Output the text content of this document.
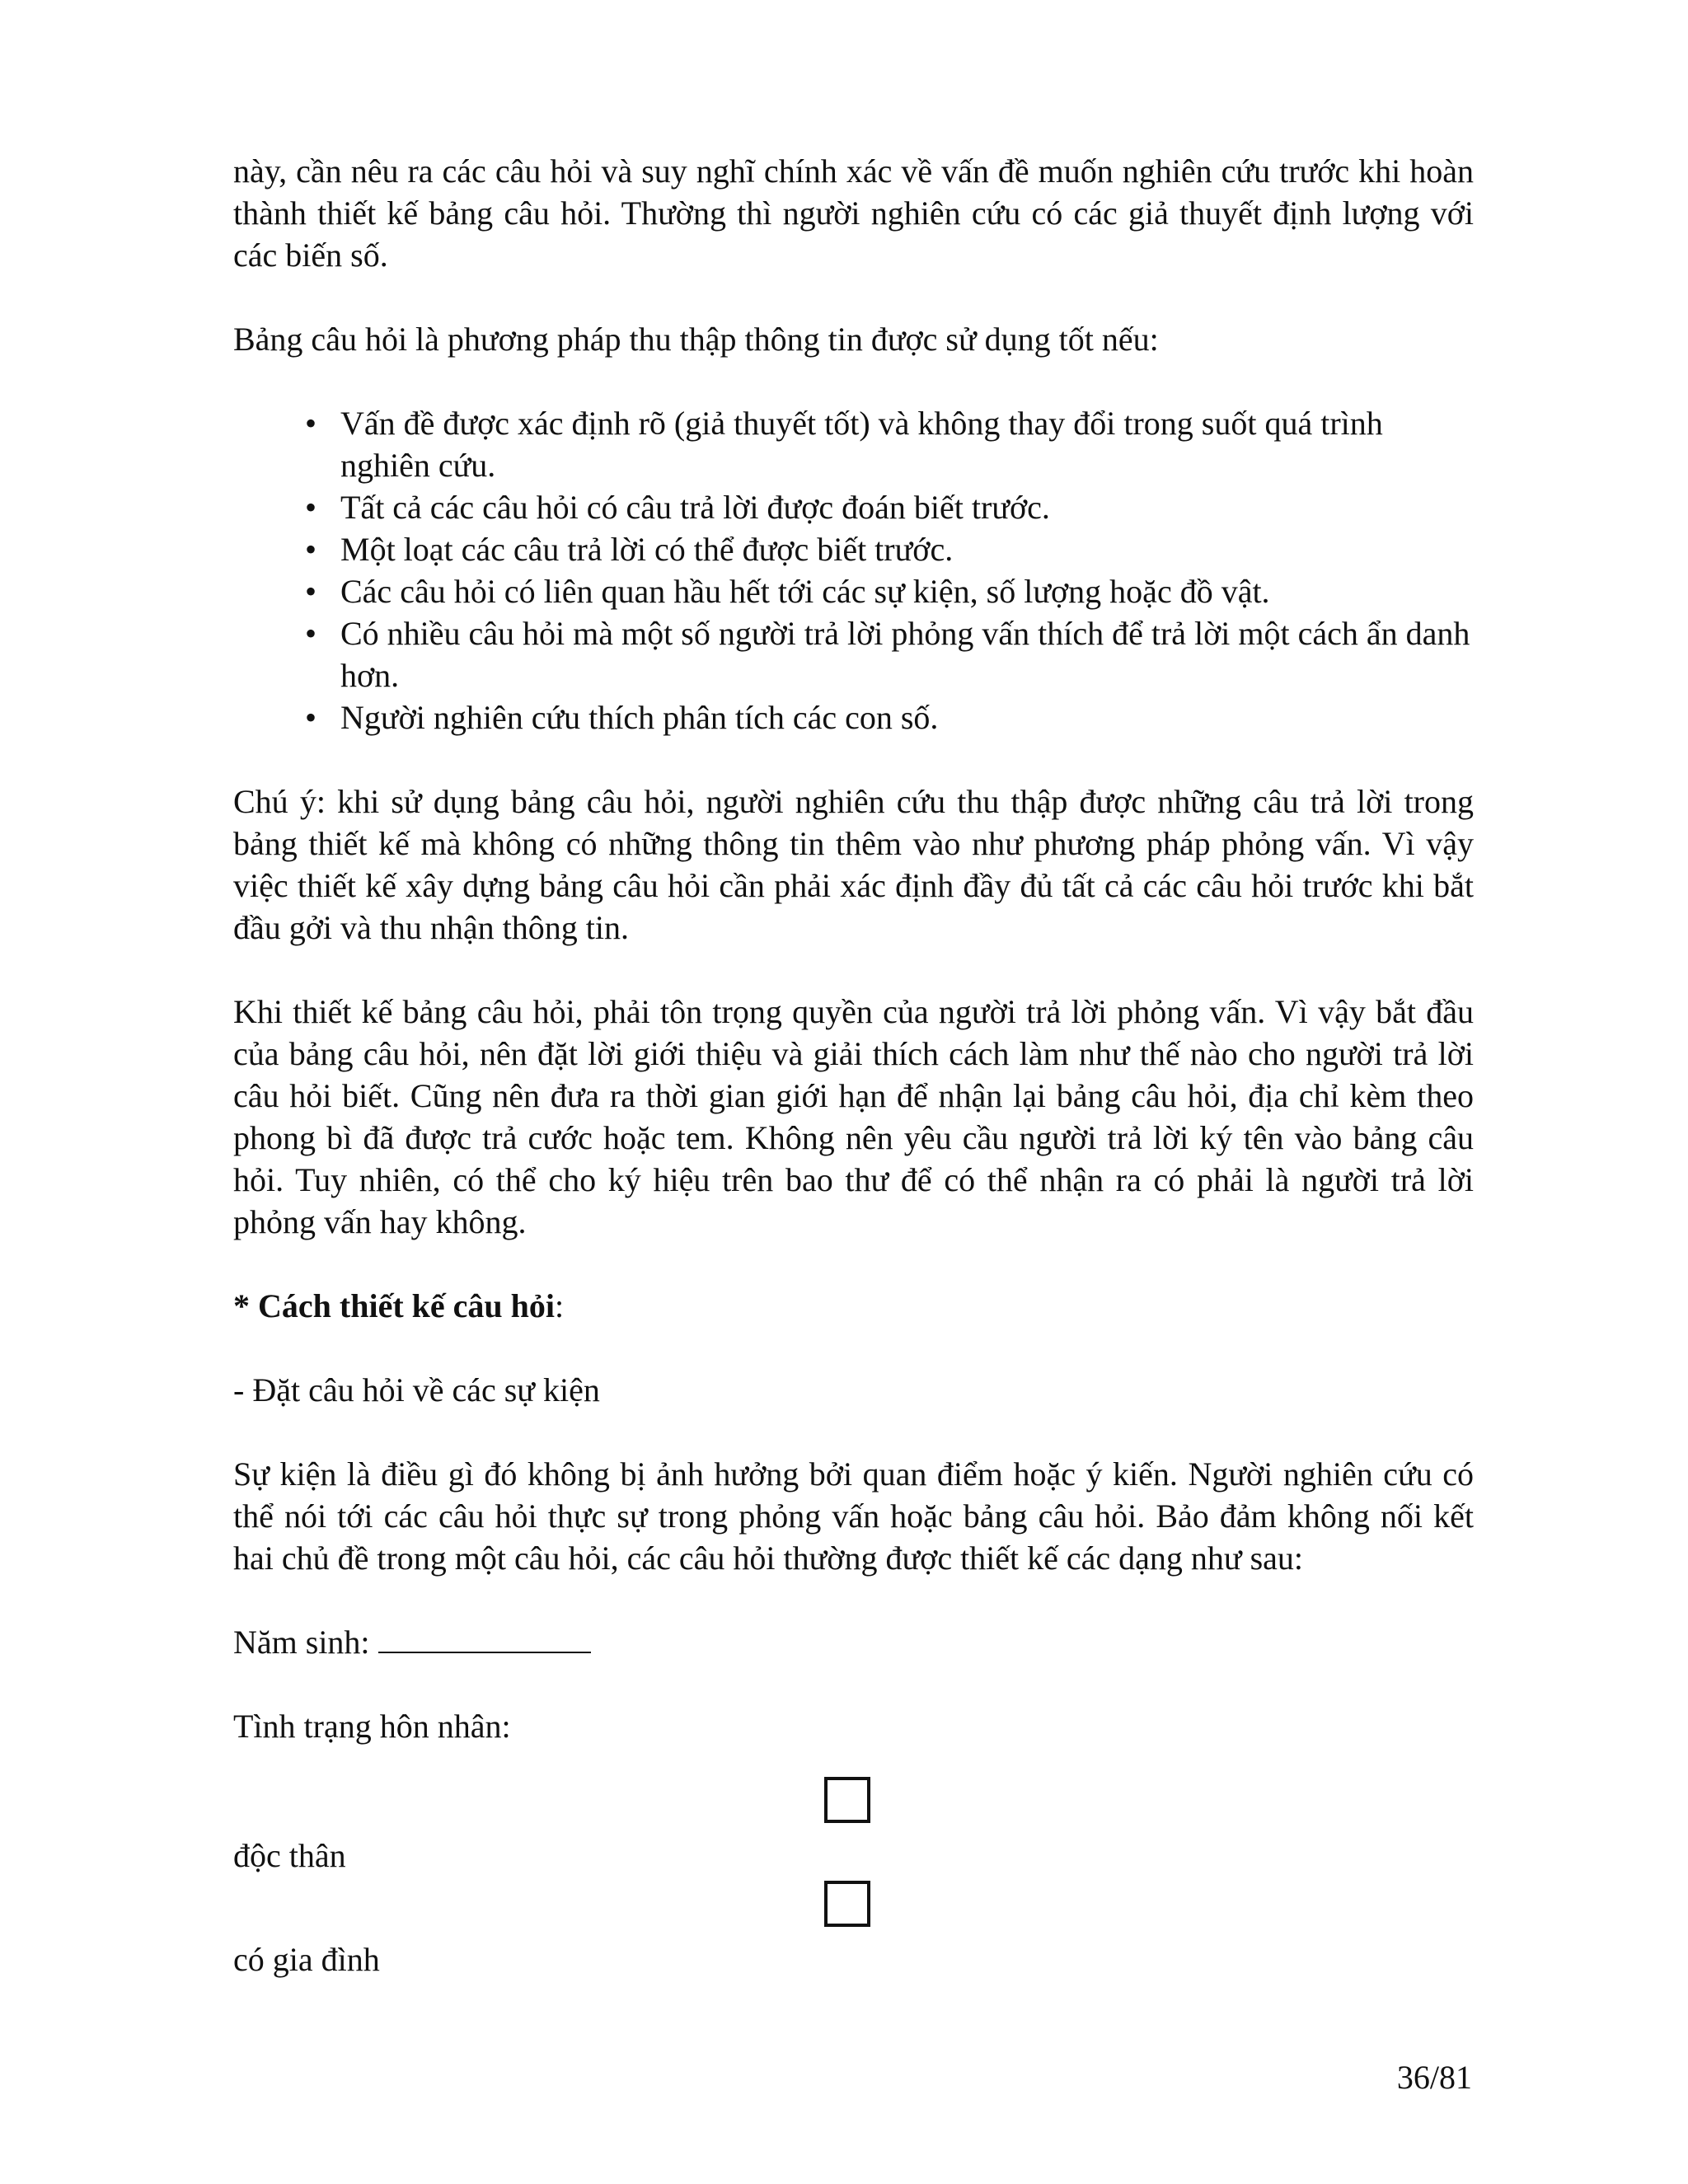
này, cần nêu ra các câu hỏi và suy nghĩ chính xác về vấn đề muốn nghiên cứu trước khi hoàn thành thiết kế bảng câu hỏi. Thường thì người nghiên cứu có các giả thuyết định lượng với các biến số.

Bảng câu hỏi là phương pháp thu thập thông tin được sử dụng tốt nếu:

• Vấn đề được xác định rõ (giả thuyết tốt) và không thay đổi trong suốt quá trình nghiên cứu.
• Tất cả các câu hỏi có câu trả lời được đoán biết trước.
• Một loạt các câu trả lời có thể được biết trước.
• Các câu hỏi có liên quan hầu hết tới các sự kiện, số lượng hoặc đồ vật.
• Có nhiều câu hỏi mà một số người trả lời phỏng vấn thích để trả lời một cách ẩn danh hơn.
• Người nghiên cứu thích phân tích các con số.

Chú ý: khi sử dụng bảng câu hỏi, người nghiên cứu thu thập được những câu trả lời trong bảng thiết kế mà không có những thông tin thêm vào như phương pháp phỏng vấn. Vì vậy việc thiết kế xây dựng bảng câu hỏi cần phải xác định đầy đủ tất cả các câu hỏi trước khi bắt đầu gởi và thu nhận thông tin.

Khi thiết kế bảng câu hỏi, phải tôn trọng quyền của người trả lời phỏng vấn. Vì vậy bắt đầu của bảng câu hỏi, nên đặt lời giới thiệu và giải thích cách làm như thế nào cho người trả lời câu hỏi biết. Cũng nên đưa ra thời gian giới hạn để nhận lại bảng câu hỏi, địa chỉ kèm theo phong bì đã được trả cước hoặc tem. Không nên yêu cầu người trả lời ký tên vào bảng câu hỏi. Tuy nhiên, có thể cho ký hiệu trên bao thư để có thể nhận ra có phải là người trả lời phỏng vấn hay không.

* Cách thiết kế câu hỏi:

- Đặt câu hỏi về các sự kiện

Sự kiện là điều gì đó không bị ảnh hưởng bởi quan điểm hoặc ý kiến. Người nghiên cứu có thể nói tới các câu hỏi thực sự trong phỏng vấn hoặc bảng câu hỏi. Bảo đảm không nối kết hai chủ đề trong một câu hỏi, các câu hỏi thường được thiết kế các dạng như sau:

Năm sinh:

Tình trạng hôn nhân:

độc thân
có gia đình
36/81
